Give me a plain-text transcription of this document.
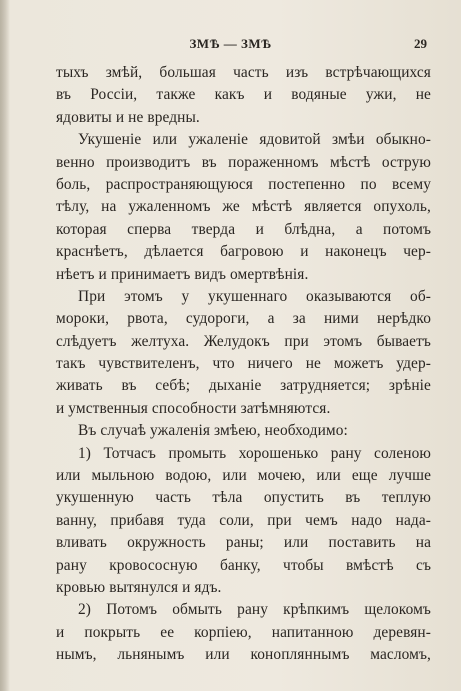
ЗМѢ — ЗМѢ	29
тыхъ змѣй, большая часть изъ встрѣчающихся
въ Россіи, также какъ и водяные ужи, не
ядовиты и не вредны.
Укушеніе или ужаленіе ядовитой змѣи обыкно-
венно производитъ въ пораженномъ мѣстѣ острую
боль, распространяющуюся постепенно по всему
тѣлу, на ужаленномъ же мѣстѣ является опухоль,
которая сперва тверда и блѣдна, а потомъ
краснѣетъ, дѣлается багровою и наконецъ чер-
нѣетъ и принимаетъ видъ омертвѣнія.
При этомъ у укушеннаго оказываются об-
мороки, рвота, судороги, а за ними нерѣдко
слѣдуетъ желтуха. Желудокъ при этомъ бываетъ
такъ чувствителенъ, что ничего не можетъ удер-
живать въ себѣ; дыханіе затрудняется; зрѣніе
и умственныя способности затѣмняются.
Въ случаѣ ужаленія змѣею, необходимо:
1) Тотчасъ промыть хорошенько рану соленою
или мыльною водою, или мочею, или еще лучше
укушенную часть тѣла опустить въ теплую
ванну, прибавя туда соли, при чемъ надо нада-
вливать окружность раны; или поставить на
рану кровососную банку, чтобы вмѣстѣ съ
кровью вытянулся и ядъ.
2) Потомъ обмыть рану крѣпкимъ щелокомъ
и покрыть ее корпіею, напитанною деревян-
нымъ, льнянымъ или конопляннымъ масломъ,
